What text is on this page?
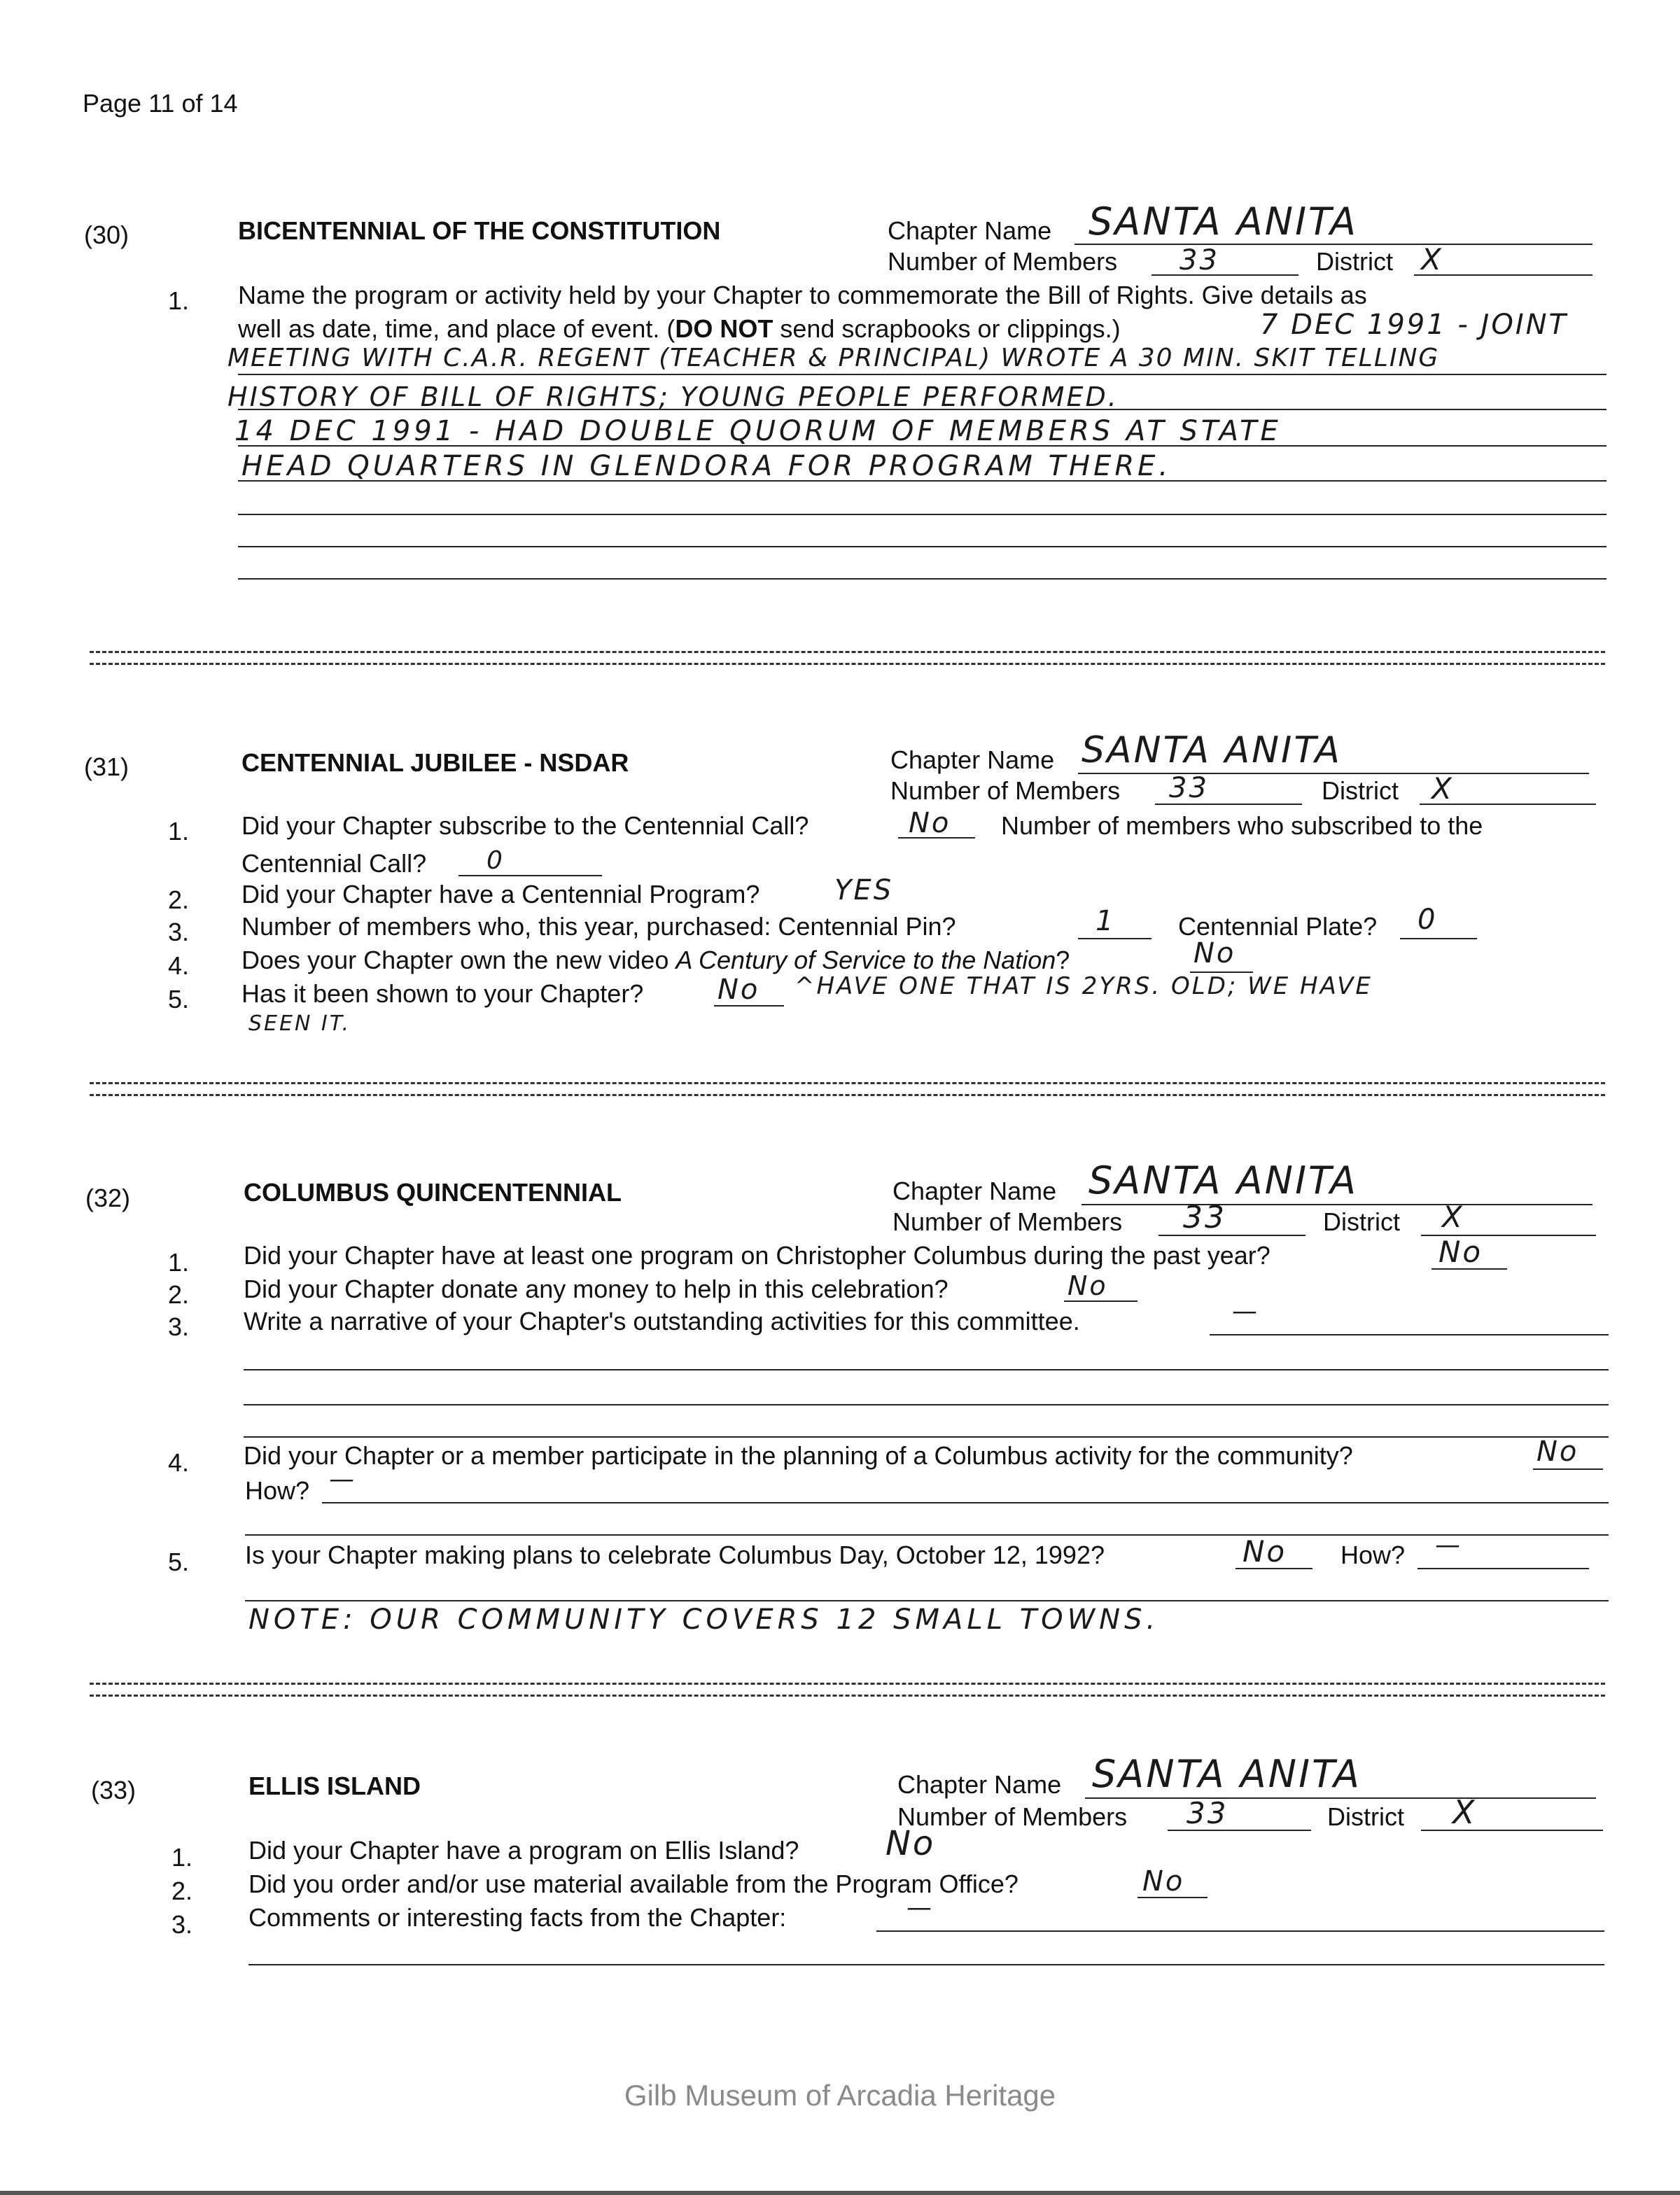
Page 11 of 14
(30)	BICENTENNIAL OF THE CONSTITUTION	Chapter Name SANTA ANITA
Number of Members 33	District X
1. Name the program or activity held by your Chapter to commemorate the Bill of Rights. Give details as
well as date, time, and place of event. (DO NOT send scrapbooks or clippings.)	7 DEC 1991 - JOINT
MEETING WITH C.A.R. REGENT (TEACHER & PRINCIPAL) WROTE A 30 MIN. SKIT TELLING
HISTORY OF BILL OF RIGHTS; YOUNG PEOPLE PERFORMED.
14 DEC 1991 - HAD DOUBLE QUORUM OF MEMBERS AT STATE
HEAD QUARTERS IN GLENDORA FOR PROGRAM THERE.
(31)	CENTENNIAL JUBILEE - NSDAR	Chapter Name SANTA ANITA
Number of Members 33	District X
1. Did your Chapter subscribe to the Centennial Call?	No Number of members who subscribed to the
Centennial Call? 0
2. Did your Chapter have a Centennial Program?	YES
3. Number of members who, this year, purchased: Centennial Pin?	1 Centennial Plate? 0
4. Does your Chapter own the new video A Century of Service to the Nation?	No
5. Has it been shown to your Chapter?	No ^HAVE ONE THAT IS 2YRS. OLD; WE HAVE
SEEN IT.
(32)	COLUMBUS QUINCENTENNIAL	Chapter Name SANTA ANITA
Number of Members 33	District X
1. Did your Chapter have at least one program on Christopher Columbus during the past year?	No
2. Did your Chapter donate any money to help in this celebration?	No
3. Write a narrative of your Chapter's outstanding activities for this committee.	—
4. Did your Chapter or a member participate in the planning of a Columbus activity for the community?	No
How? —
5. Is your Chapter making plans to celebrate Columbus Day, October 12, 1992?	No How? —
NOTE: OUR COMMUNITY COVERS 12 SMALL TOWNS.
(33)	ELLIS ISLAND	Chapter Name SANTA ANITA
Number of Members 33	District X
1. Did your Chapter have a program on Ellis Island?	No
2. Did you order and/or use material available from the Program Office?	No
3. Comments or interesting facts from the Chapter:	—
Gilb Museum of Arcadia Heritage
